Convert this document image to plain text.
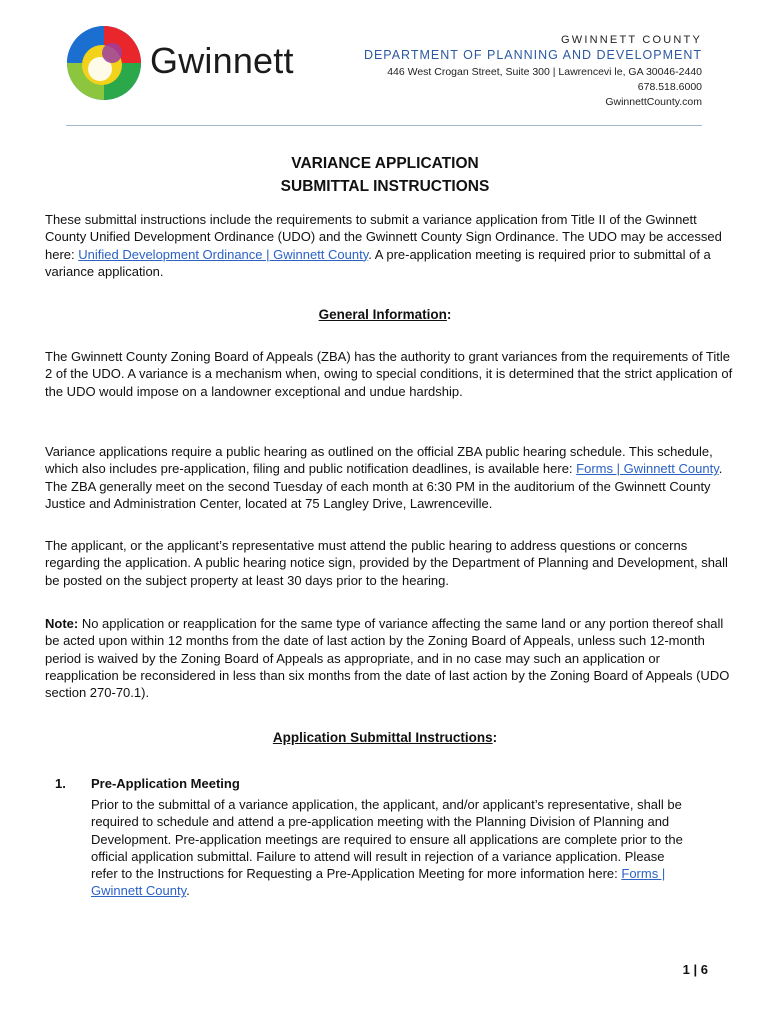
Gwinnett	GWINNETT COUNTY
DEPARTMENT OF PLANNING AND DEVELOPMENT
446 West Crogan Street, Suite 300 | Lawrencevi le, GA 30046-2440
678.518.6000
GwinnettCounty.com
VARIANCE APPLICATION
SUBMITTAL INSTRUCTIONS
These submittal instructions include the requirements to submit a variance application from Title II of the Gwinnett County Unified Development Ordinance (UDO) and the Gwinnett County Sign Ordinance. The UDO may be accessed here: Unified Development Ordinance | Gwinnett County. A pre-application meeting is required prior to submittal of a variance application.
General Information:
The Gwinnett County Zoning Board of Appeals (ZBA) has the authority to grant variances from the requirements of Title 2 of the UDO. A variance is a mechanism when, owing to special conditions, it is determined that the strict application of the UDO would impose on a landowner exceptional and undue hardship.
Variance applications require a public hearing as outlined on the official ZBA public hearing schedule. This schedule, which also includes pre-application, filing and public notification deadlines, is available here: Forms | Gwinnett County. The ZBA generally meet on the second Tuesday of each month at 6:30 PM in the auditorium of the Gwinnett County Justice and Administration Center, located at 75 Langley Drive, Lawrenceville.
The applicant, or the applicant’s representative must attend the public hearing to address questions or concerns regarding the application. A public hearing notice sign, provided by the Department of Planning and Development, shall be posted on the subject property at least 30 days prior to the hearing.
Note: No application or reapplication for the same type of variance affecting the same land or any portion thereof shall be acted upon within 12 months from the date of last action by the Zoning Board of Appeals, unless such 12-month period is waived by the Zoning Board of Appeals as appropriate, and in no case may such an application or reapplication be reconsidered in less than six months from the date of last action by the Zoning Board of Appeals (UDO section 270-70.1).
Application Submittal Instructions:
1. Pre-Application Meeting
Prior to the submittal of a variance application, the applicant, and/or applicant’s representative, shall be required to schedule and attend a pre-application meeting with the Planning Division of Planning and Development. Pre-application meetings are required to ensure all applications are complete prior to the official application submittal. Failure to attend will result in rejection of a variance application. Please refer to the Instructions for Requesting a Pre-Application Meeting for more information here: Forms | Gwinnett County.
1 | 6
